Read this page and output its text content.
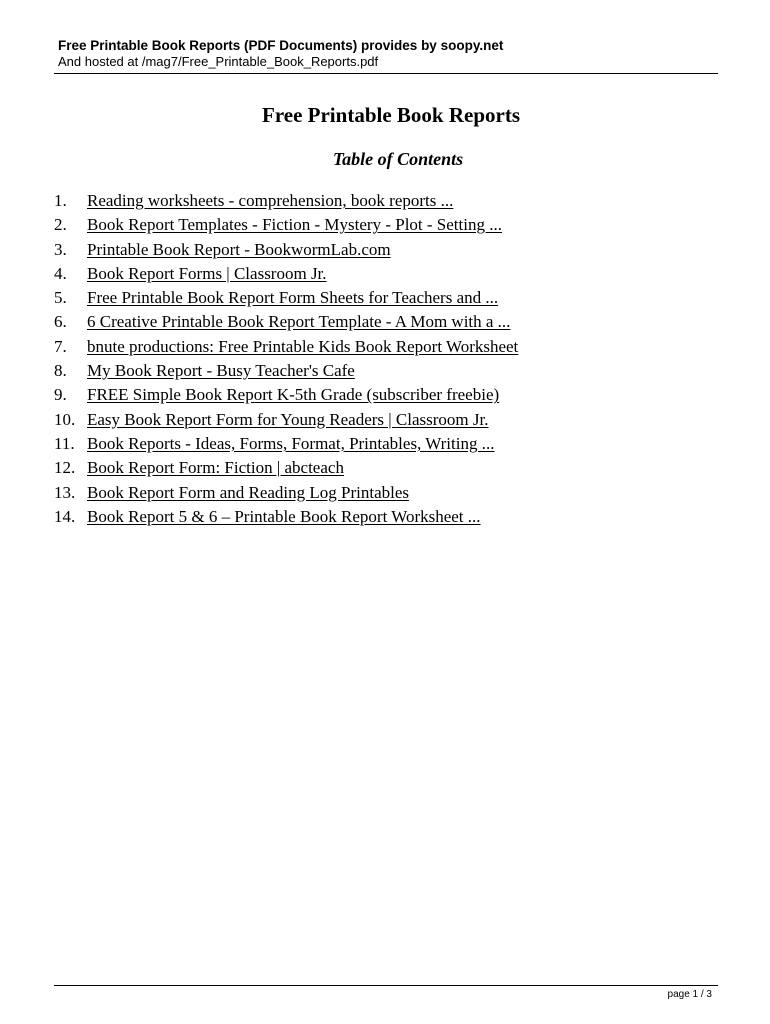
Free Printable Book Reports (PDF Documents) provides by soopy.net
And hosted at /mag7/Free_Printable_Book_Reports.pdf
Free Printable Book Reports
Table of Contents
1. Reading worksheets - comprehension, book reports ...
2. Book Report Templates - Fiction - Mystery - Plot - Setting ...
3. Printable Book Report - BookwormLab.com
4. Book Report Forms | Classroom Jr.
5. Free Printable Book Report Form Sheets for Teachers and ...
6. 6 Creative Printable Book Report Template - A Mom with a ...
7. bnute productions: Free Printable Kids Book Report Worksheet
8. My Book Report - Busy Teacher's Cafe
9. FREE Simple Book Report K-5th Grade (subscriber freebie)
10. Easy Book Report Form for Young Readers | Classroom Jr.
11. Book Reports - Ideas, Forms, Format, Printables, Writing ...
12. Book Report Form: Fiction | abcteach
13. Book Report Form and Reading Log Printables
14. Book Report 5 & 6 – Printable Book Report Worksheet ...
page 1 / 3
